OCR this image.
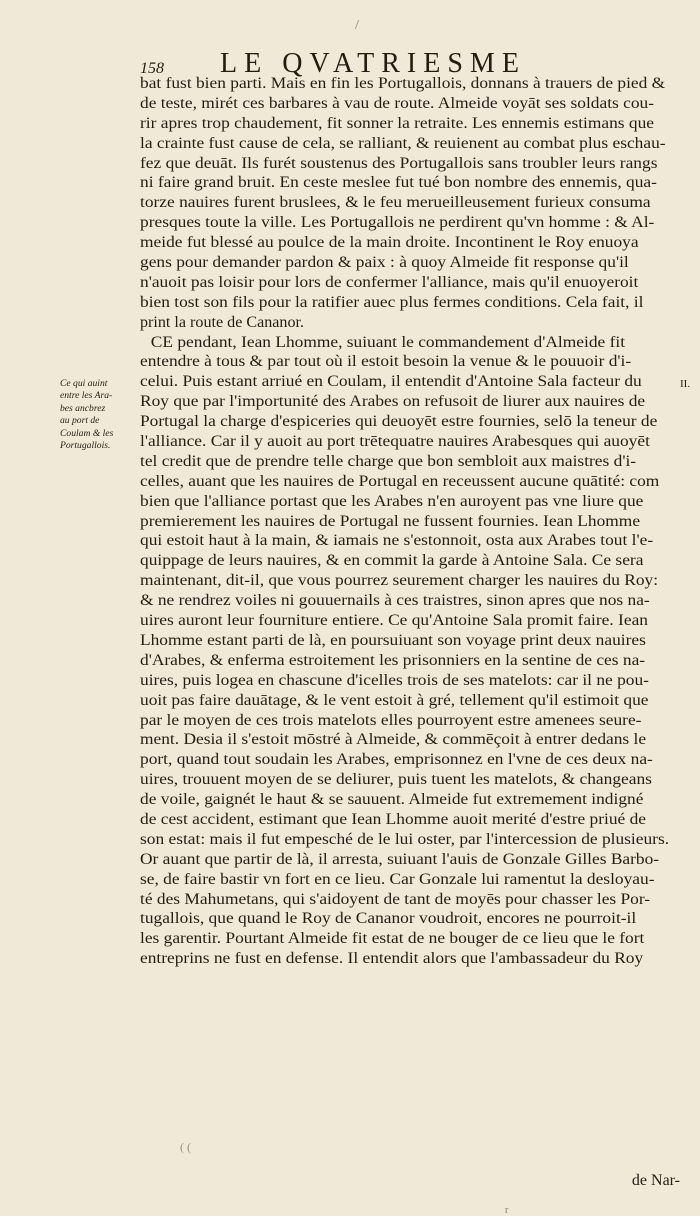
/
158 LE QVATRIESME
Ce qui auint
entre les Ara-
bes ancbrez
au port de
Coulam & les
Portugallois.
II.
bat fust bien parti. Mais en fin les Portugallois, donnans à trauers de pied &
de teste, mirét ces barbares à vau de route. Almeide voyāt ses soldats cou-
rir apres trop chaudement, fit sonner la retraite. Les ennemis estimans que
la crainte fust cause de cela, se ralliant, & reuienent au combat plus eschau-
fez que deuāt. Ils furét soustenus des Portugallois sans troubler leurs rangs
ni faire grand bruit. En ceste meslee fut tué bon nombre des ennemis, qua-
torze nauires furent bruslees, & le feu merueilleusement furieux consuma
presques toute la ville. Les Portugallois ne perdirent qu'vn homme : & Al-
meide fut blessé au poulce de la main droite. Incontinent le Roy enuoya
gens pour demander pardon & paix : à quoy Almeide fit response qu'il
n'auoit pas loisir pour lors de confermer l'alliance, mais qu'il enuoyeroit
bien tost son fils pour la ratifier auec plus fermes conditions. Cela fait, il
print la route de Cananor.
CE pendant, Iean Lhomme, suiuant le commandement d'Almeide fit
entendre à tous & par tout où il estoit besoin la venue & le pouuoir d'i-
celui. Puis estant arriué en Coulam, il entendit d'Antoine Sala facteur du
Roy que par l'importunité des Arabes on refusoit de liurer aux nauires de
Portugal la charge d'espiceries qui deuoyēt estre fournies, selō la teneur de
l'alliance. Car il y auoit au port trētequatre nauires Arabesques qui auoyēt
tel credit que de prendre telle charge que bon sembloit aux maistres d'i-
celles, auant que les nauires de Portugal en receussent aucune quātité: com
bien que l'alliance portast que les Arabes n'en auroyent pas vne liure que
premierement les nauires de Portugal ne fussent fournies. Iean Lhomme
qui estoit haut à la main, & iamais ne s'estonnoit, osta aux Arabes tout l'e-
quippage de leurs nauires, & en commit la garde à Antoine Sala. Ce sera
maintenant, dit-il, que vous pourrez seurement charger les nauires du Roy:
& ne rendrez voiles ni gouuernails à ces traistres, sinon apres que nos na-
uires auront leur fourniture entiere. Ce qu'Antoine Sala promit faire. Iean
Lhomme estant parti de là, en poursuiuant son voyage print deux nauires
d'Arabes, & enferma estroitement les prisonniers en la sentine de ces na-
uires, puis logea en chascune d'icelles trois de ses matelots: car il ne pou-
uoit pas faire dauātage, & le vent estoit à gré, tellement qu'il estimoit que
par le moyen de ces trois matelots elles pourroyent estre amenees seure-
ment. Desia il s'estoit mōstré à Almeide, & commēçoit à entrer dedans le
port, quand tout soudain les Arabes, emprisonnez en l'vne de ces deux na-
uires, trouuent moyen de se deliurer, puis tuent les matelots, & changeans
de voile, gaignét le haut & se sauuent. Almeide fut extremement indigné
de cest accident, estimant que Iean Lhomme auoit merité d'estre priué de
son estat: mais il fut empesché de le lui oster, par l'intercession de plusieurs.
Or auant que partir de là, il arresta, suiuant l'auis de Gonzale Gilles Barbo-
se, de faire bastir vn fort en ce lieu. Car Gonzale lui ramentut la desloyau-
té des Mahumetans, qui s'aidoyent de tant de moyēs pour chasser les Por-
tugallois, que quand le Roy de Cananor voudroit, encores ne pourroit-il
les garentir. Pourtant Almeide fit estat de ne bouger de ce lieu que le fort
entreprins ne fust en defense. Il entendit alors que l'ambassadeur du Roy
( (
de Nar-
r
